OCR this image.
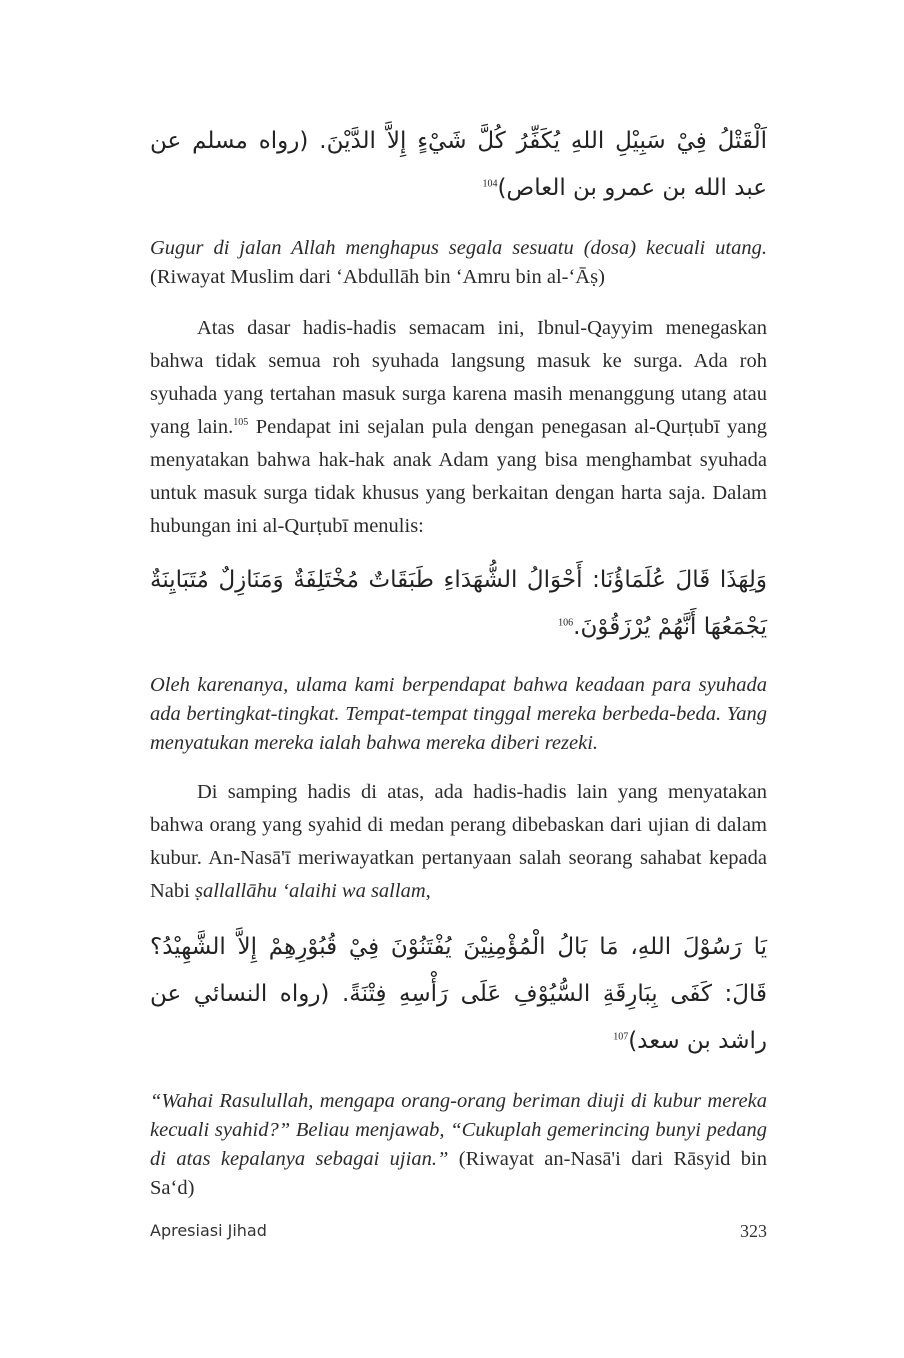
اَلْقَتْلُ فِيْ سَبِيْلِ اللهِ يُكَفِّرُ كُلَّ شَيْءٍ إِلاَّ الدَّيْنَ. (رواه مسلم عن عبد الله بن عمرو بن العاص)$^{104}$

Gugur di jalan Allah menghapus segala sesuatu (dosa) kecuali utang. (Riwayat Muslim dari ‘Abdullāh bin ‘Amru bin al-‘Āṣ)

Atas dasar hadis-hadis semacam ini, Ibnul-Qayyim menegaskan bahwa tidak semua roh syuhada langsung masuk ke surga. Ada roh syuhada yang tertahan masuk surga karena masih menanggung utang atau yang lain.$^{105}$ Pendapat ini sejalan pula dengan penegasan al-Qurṭubī yang menyatakan bahwa hak-hak anak Adam yang bisa menghambat syuhada untuk masuk surga tidak khusus yang berkaitan dengan harta saja. Dalam hubungan ini al-Qurṭubī menulis:

وَلِهَذَا قَالَ عُلَمَاؤُنَا: أَحْوَالُ الشُّهَدَاءِ طَبَقَاتٌ مُخْتَلِفَةٌ وَمَنَازِلٌ مُتَبَايِنَةٌ يَجْمَعُهَا أَنَّهُمْ يُرْزَقُوْنَ.$^{106}$

Oleh karenanya, ulama kami berpendapat bahwa keadaan para syuhada ada bertingkat-tingkat. Tempat-tempat tinggal mereka berbeda-beda. Yang menyatukan mereka ialah bahwa mereka diberi rezeki.

Di samping hadis di atas, ada hadis-hadis lain yang menyatakan bahwa orang yang syahid di medan perang dibebaskan dari ujian di dalam kubur. An-Nasā'ī meriwayatkan pertanyaan salah seorang sahabat kepada Nabi ṣallallāhu ‘alaihi wa sallam,

يَا رَسُوْلَ اللهِ، مَا بَالُ الْمُؤْمِنِيْنَ يُفْتَنُوْنَ فِيْ قُبُوْرِهِمْ إِلاَّ الشَّهِيْدُ؟ قَالَ: كَفَى بِبَارِقَةِ السُّيُوْفِ عَلَى رَأْسِهِ فِتْنَةً. (رواه النسائي عن راشد بن سعد)$^{107}$

“Wahai Rasulullah, mengapa orang-orang beriman diuji di kubur mereka kecuali syahid?” Beliau menjawab, “Cukuplah gemerincing bunyi pedang di atas kepalanya sebagai ujian.” (Riwayat an-Nasā'i dari Rāsyid bin Sa‘d)

Apresiasi Jihad	323
